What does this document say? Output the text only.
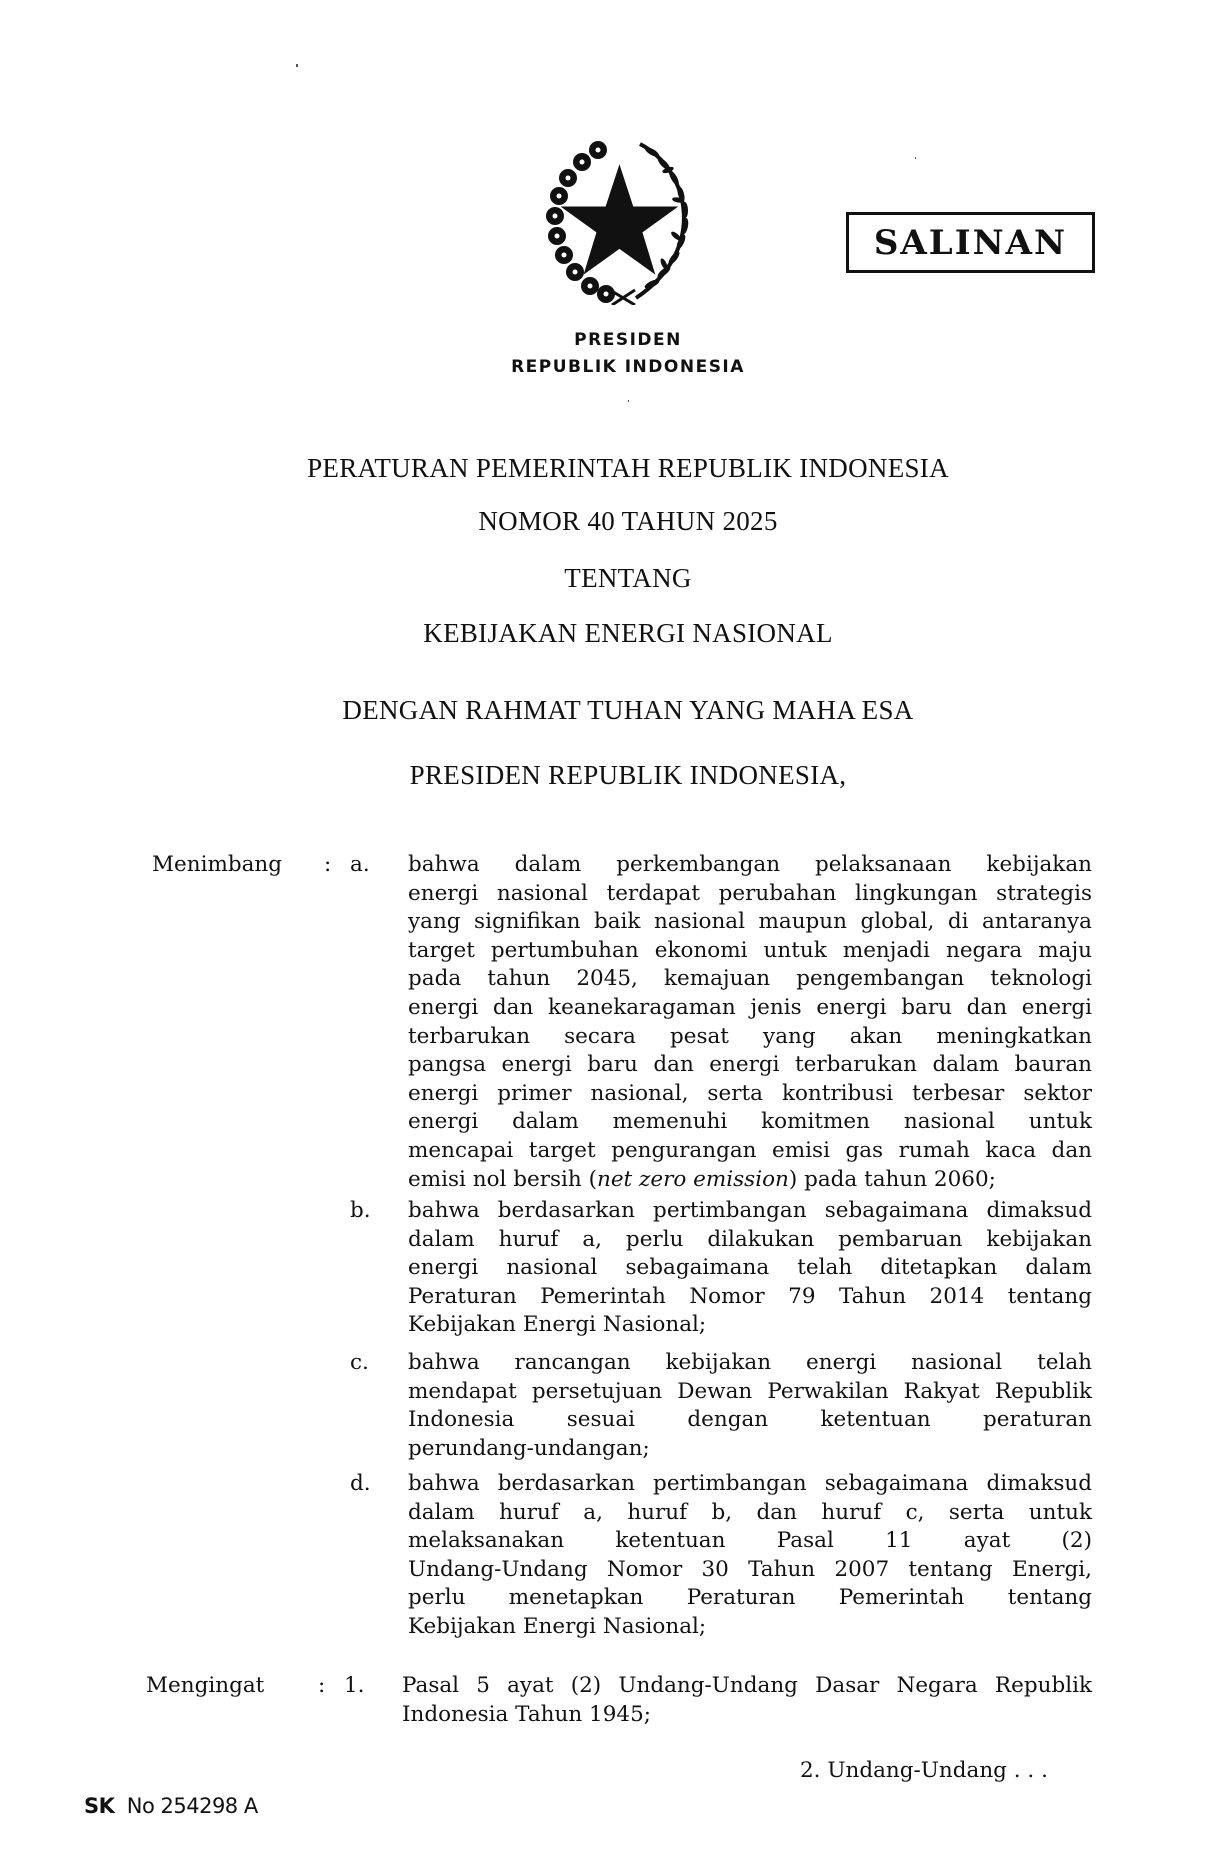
SALINAN
PRESIDEN
REPUBLIK INDONESIA
PERATURAN PEMERINTAH REPUBLIK INDONESIA
NOMOR 40 TAHUN 2025
TENTANG
KEBIJAKAN ENERGI NASIONAL
DENGAN RAHMAT TUHAN YANG MAHA ESA
PRESIDEN REPUBLIK INDONESIA,
Menimbang : a. bahwa dalam perkembangan pelaksanaan kebijakan
energi nasional terdapat perubahan lingkungan strategis
yang signifikan baik nasional maupun global, di antaranya
target pertumbuhan ekonomi untuk menjadi negara maju
pada tahun 2045, kemajuan pengembangan teknologi
energi dan keanekaragaman jenis energi baru dan energi
terbarukan secara pesat yang akan meningkatkan
pangsa energi baru dan energi terbarukan dalam bauran
energi primer nasional, serta kontribusi terbesar sektor
energi dalam memenuhi komitmen nasional untuk
mencapai target pengurangan emisi gas rumah kaca dan
emisi nol bersih (net zero emission) pada tahun 2060;
b. bahwa berdasarkan pertimbangan sebagaimana dimaksud
dalam huruf a, perlu dilakukan pembaruan kebijakan
energi nasional sebagaimana telah ditetapkan dalam
Peraturan Pemerintah Nomor 79 Tahun 2014 tentang
Kebijakan Energi Nasional;
c. bahwa rancangan kebijakan energi nasional telah
mendapat persetujuan Dewan Perwakilan Rakyat Republik
Indonesia sesuai dengan ketentuan peraturan
perundang-undangan;
d. bahwa berdasarkan pertimbangan sebagaimana dimaksud
dalam huruf a, huruf b, dan huruf c, serta untuk
melaksanakan ketentuan Pasal 11 ayat (2)
Undang-Undang Nomor 30 Tahun 2007 tentang Energi,
perlu menetapkan Peraturan Pemerintah tentang
Kebijakan Energi Nasional;
Mengingat : 1. Pasal 5 ayat (2) Undang-Undang Dasar Negara Republik
Indonesia Tahun 1945;
2. Undang-Undang . . .
SK No 254298 A
